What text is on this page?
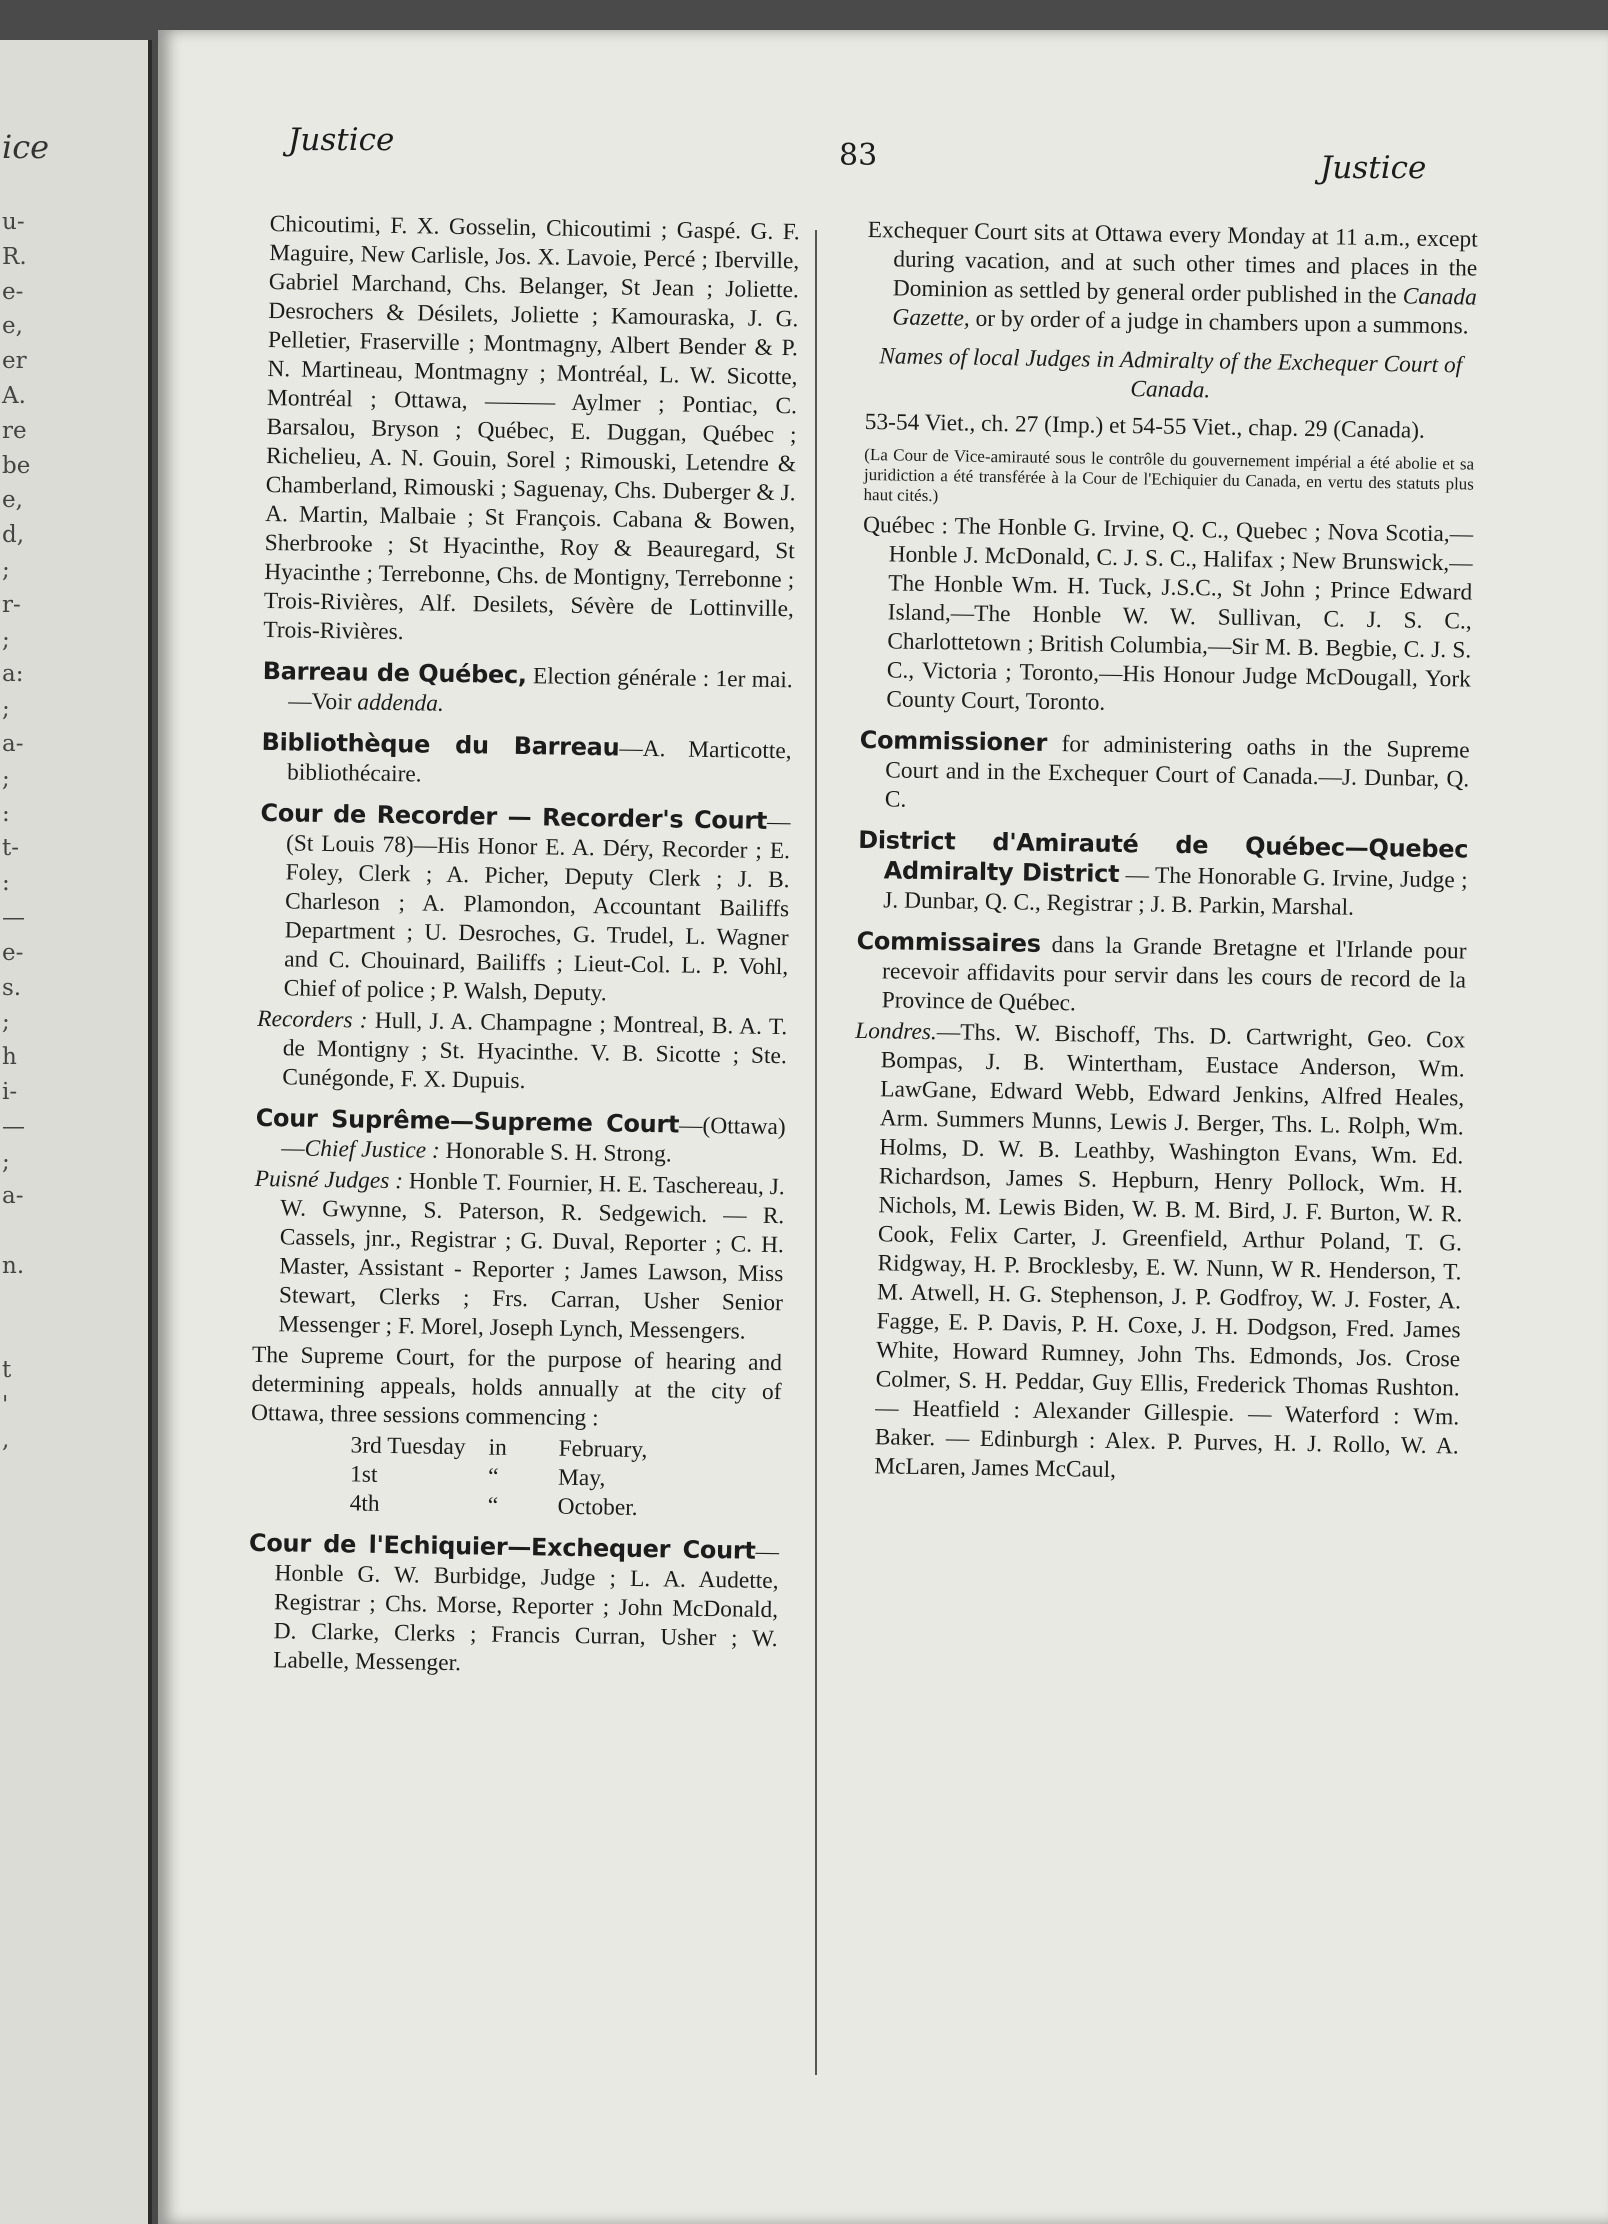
ice
u-
R.
e-
e,
er
A.
re
be
e,
d,
;
r-
;
a:
;
a-
;
:
t-
:
—
e-
s.
;
h
i-
—
;
a-

n.

t
'
,
Justice	83	Justice

Chicoutimi, F. X. Gosselin, Chicoutimi ; Gaspé. G. F. Maguire, New Carlisle, Jos. X. Lavoie, Percé ; Iberville, Gabriel Marchand, Chs. Belanger, St Jean ; Joliette. Desrochers & Désilets, Joliette ; Kamouraska, J. G. Pelletier, Fraserville ; Montmagny, Albert Bender & P. N. Martineau, Montmagny ; Montréal, L. W. Sicotte, Montréal ; Ottawa, ——— Aylmer ; Pontiac, C. Barsalou, Bryson ; Québec, E. Duggan, Québec ; Richelieu, A. N. Gouin, Sorel ; Rimouski, Letendre & Chamberland, Rimouski ; Saguenay, Chs. Duberger & J. A. Martin, Malbaie ; St François. Cabana & Bowen, Sherbrooke ; St Hyacinthe, Roy & Beauregard, St Hyacinthe ; Terrebonne, Chs. de Montigny, Terrebonne ; Trois-Rivières, Alf. Desilets, Sévère de Lottinville, Trois-Rivières.

Barreau de Québec, Election générale : 1er mai.—Voir addenda.

Bibliothèque du Barreau—A. Marticotte, bibliothécaire.

Cour de Recorder — Recorder's Court—(St Louis 78)—His Honor E. A. Déry, Recorder ; E. Foley, Clerk ; A. Picher, Deputy Clerk ; J. B. Charleson ; A. Plamondon, Accountant Bailiffs Department ; U. Desroches, G. Trudel, L. Wagner and C. Chouinard, Bailiffs ; Lieut-Col. L. P. Vohl, Chief of police ; P. Walsh, Deputy.

Recorders : Hull, J. A. Champagne ; Montreal, B. A. T. de Montigny ; St. Hyacinthe. V. B. Sicotte ; Ste. Cunégonde, F. X. Dupuis.

Cour Suprême—Supreme Court—(Ottawa)—Chief Justice : Honorable S. H. Strong.

Puisné Judges : Honble T. Fournier, H. E. Taschereau, J. W. Gwynne, S. Paterson, R. Sedgewich. — R. Cassels, jnr., Registrar ; G. Duval, Reporter ; C. H. Master, Assistant - Reporter ; James Lawson, Miss Stewart, Clerks ; Frs. Carran, Usher Senior Messenger ; F. Morel, Joseph Lynch, Messengers.

The Supreme Court, for the purpose of hearing and determining appeals, holds annually at the city of Ottawa, three sessions commencing :

3rd Tuesday in	February,
1st	“	May,
4th	“	October.

Cour de l'Echiquier—Exchequer Court—Honble G. W. Burbidge, Judge ; L. A. Audette, Registrar ; Chs. Morse, Reporter ; John McDonald, D. Clarke, Clerks ; Francis Curran, Usher ; W. Labelle, Messenger.

Exchequer Court sits at Ottawa every Monday at 11 a.m., except during vacation, and at such other times and places in the Dominion as settled by general order published in the Canada Gazette, or by order of a judge in chambers upon a summons.

Names of local Judges in Admiralty of the Exchequer Court of Canada.

53-54 Viet., ch. 27 (Imp.) et 54-55 Viet., chap. 29 (Canada).

(La Cour de Vice-amirauté sous le contrôle du gouvernement impérial a été abolie et sa juridiction a été transférée à la Cour de l'Echiquier du Canada, en vertu des statuts plus haut cités.)

Québec : The Honble G. Irvine, Q. C., Quebec ; Nova Scotia,—Honble J. McDonald, C. J. S. C., Halifax ; New Brunswick,—The Honble Wm. H. Tuck, J.S.C., St John ; Prince Edward Island,—The Honble W. W. Sullivan, C. J. S. C., Charlottetown ; British Columbia,—Sir M. B. Begbie, C. J. S. C., Victoria ; Toronto,—His Honour Judge McDougall, York County Court, Toronto.

Commissioner for administering oaths in the Supreme Court and in the Exchequer Court of Canada.—J. Dunbar, Q. C.

District d'Amirauté de Québec—Quebec Admiralty District — The Honorable G. Irvine, Judge ; J. Dunbar, Q. C., Registrar ; J. B. Parkin, Marshal.

Commissaires dans la Grande Bretagne et l'Irlande pour recevoir affidavits pour servir dans les cours de record de la Province de Québec.

Londres.—Ths. W. Bischoff, Ths. D. Cartwright, Geo. Cox Bompas, J. B. Wintertham, Eustace Anderson, Wm. LawGane, Edward Webb, Edward Jenkins, Alfred Heales, Arm. Summers Munns, Lewis J. Berger, Ths. L. Rolph, Wm. Holms, D. W. B. Leathby, Washington Evans, Wm. Ed. Richardson, James S. Hepburn, Henry Pollock, Wm. H. Nichols, M. Lewis Biden, W. B. M. Bird, J. F. Burton, W. R. Cook, Felix Carter, J. Greenfield, Arthur Poland, T. G. Ridgway, H. P. Brocklesby, E. W. Nunn, W R. Henderson, T. M. Atwell, H. G. Stephenson, J. P. Godfroy, W. J. Foster, A. Fagge, E. P. Davis, P. H. Coxe, J. H. Dodgson, Fred. James White, Howard Rumney, John Ths. Edmonds, Jos. Crose Colmer, S. H. Peddar, Guy Ellis, Frederick Thomas Rushton. — Heatfield : Alexander Gillespie. — Waterford : Wm. Baker. — Edinburgh : Alex. P. Purves, H. J. Rollo, W. A. McLaren, James McCaul,
